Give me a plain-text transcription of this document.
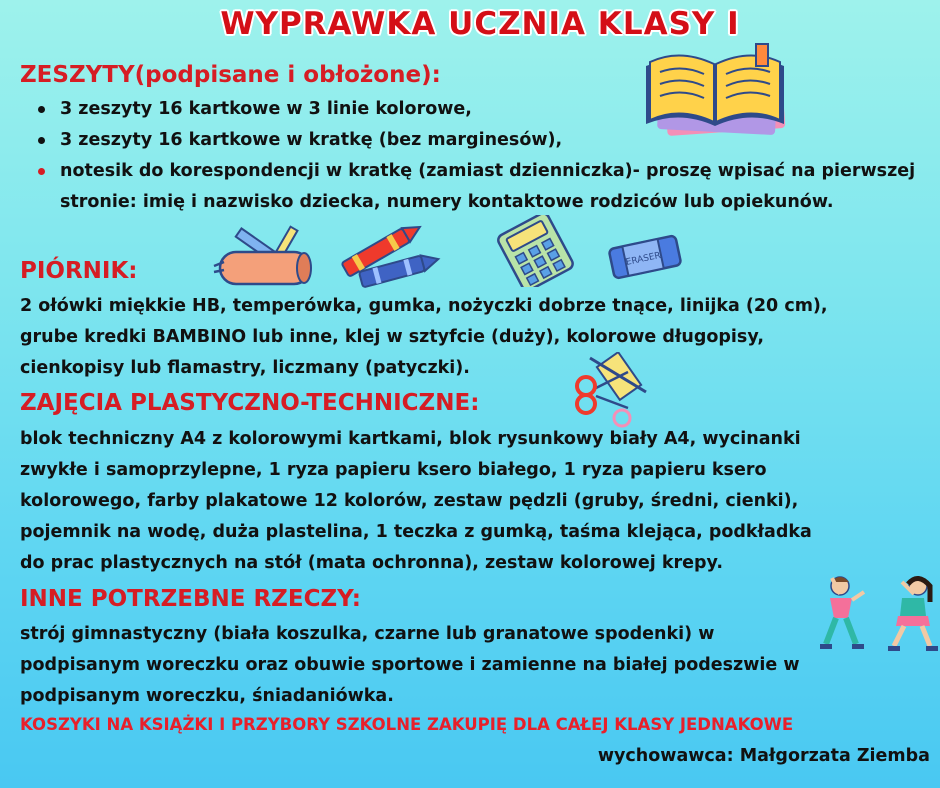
WYPRAWKA UCZNIA KLASY I
ZESZYTY(podpisane i obłożone):
3 zeszyty 16 kartkowe w 3 linie kolorowe,
3 zeszyty 16 kartkowe w kratkę (bez marginesów),
notesik do korespondencji w kratkę (zamiast dzienniczka)- proszę wpisać na pierwszej stronie: imię i nazwisko dziecka, numery kontaktowe rodziców lub opiekunów.
PIÓRNIK:
2 ołówki miękkie HB, temperówka, gumka, nożyczki dobrze tnące, linijka (20 cm),
grube kredki BAMBINO lub inne, klej w sztyfcie (duży), kolorowe długopisy,
cienkopisy lub flamastry, liczmany (patyczki).
ZAJĘCIA PLASTYCZNO-TECHNICZNE:
blok techniczny A4 z kolorowymi kartkami, blok rysunkowy biały A4, wycinanki
zwykłe i samoprzylepne, 1 ryza papieru ksero białego, 1 ryza papieru ksero
kolorowego, farby plakatowe 12 kolorów, zestaw pędzli (gruby, średni, cienki),
pojemnik na wodę, duża plastelina, 1 teczka z gumką, taśma klejąca, podkładka
do prac plastycznych na stół (mata ochronna), zestaw kolorowej krepy.
INNE POTRZEBNE RZECZY:
strój gimnastyczny (biała koszulka, czarne lub granatowe spodenki) w
podpisanym woreczku oraz obuwie sportowe i zamienne na białej podeszwie w
podpisanym woreczku, śniadaniówka.
KOSZYKI NA KSIĄŻKI I PRZYBORY SZKOLNE ZAKUPIĘ DLA CAŁEJ KLASY JEDNAKOWE
wychowawca: Małgorzata Ziemba
ERASER
